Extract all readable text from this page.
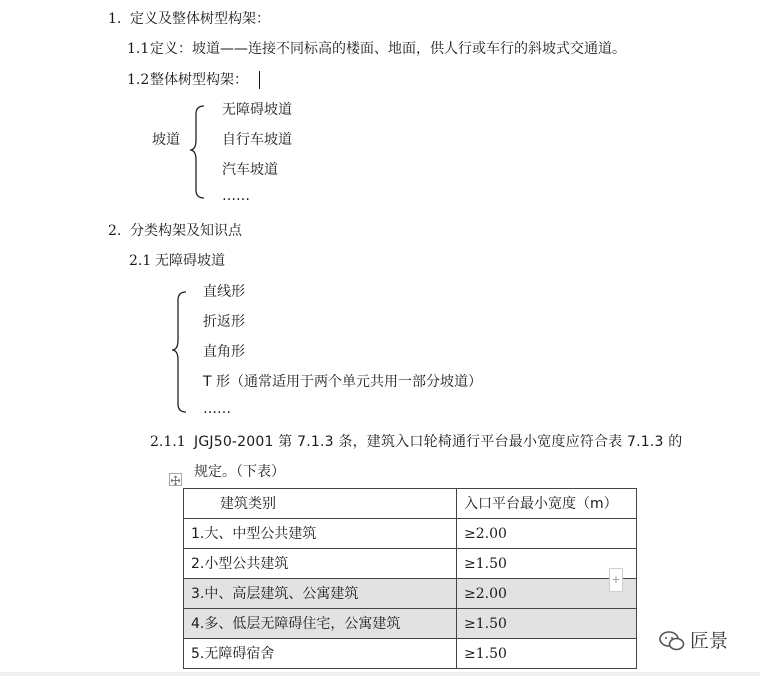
1. 定义及整体树型构架：
1.1 定义：坡道——连接不同标高的楼面、地面，供人行或车行的斜坡式交通道。
1.2 整体树型构架：
坡道
无障碍坡道
自行车坡道
汽车坡道
……
2. 分类构架及知识点
2.1 无障碍坡道
直线形
折返形
直角形
T 形（通常适用于两个单元共用一部分坡道）
……
2.1.1 JGJ50-2001 第 7.1.3 条，建筑入口轮椅通行平台最小宽度应符合表 7.1.3 的
规定。（下表）
建筑类别	入口平台最小宽度（m）
1.大、中型公共建筑	≥2.00
2.小型公共建筑	≥1.50
3.中、高层建筑、公寓建筑	≥2.00
4.多、低层无障碍住宅，公寓建筑	≥1.50
5.无障碍宿舍	≥1.50
+
匠景
